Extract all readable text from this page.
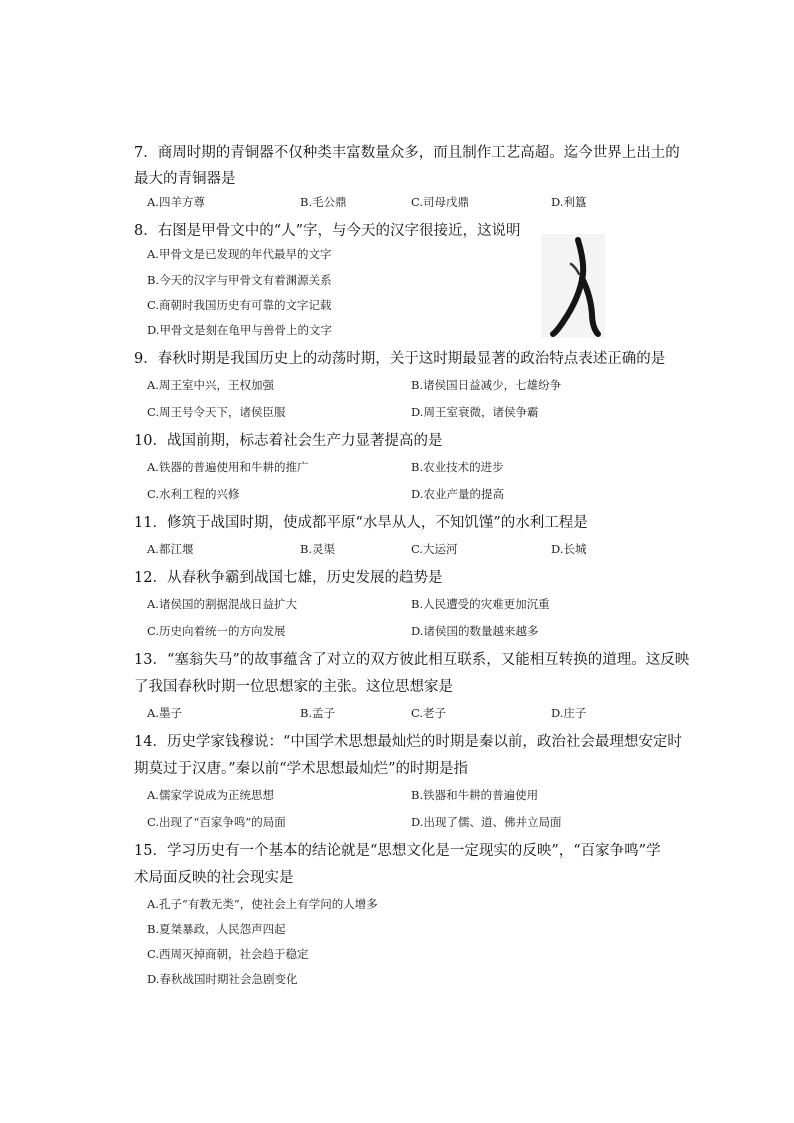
7．商周时期的青铜器不仅种类丰富数量众多，而且制作工艺高超。迄今世界上出土的
最大的青铜器是
A.四羊方尊	B.毛公鼎	C.司母戊鼎	D.利簋
8．右图是甲骨文中的“人”字，与今天的汉字很接近，这说明
A.甲骨文是已发现的年代最早的文字
B.今天的汉字与甲骨文有着渊源关系
C.商朝时我国历史有可靠的文字记载
D.甲骨文是刻在龟甲与兽骨上的文字
9．春秋时期是我国历史上的动荡时期，关于这时期最显著的政治特点表述正确的是
A.周王室中兴，王权加强	B.诸侯国日益减少，七雄纷争
C.周王号令天下，诸侯臣服	D.周王室衰微，诸侯争霸
10．战国前期，标志着社会生产力显著提高的是
A.铁器的普遍使用和牛耕的推广	B.农业技术的进步
C.水利工程的兴修	D.农业产量的提高
11．修筑于战国时期，使成都平原“水旱从人，不知饥馑”的水利工程是
A.都江堰	B.灵渠	C.大运河	D.长城
12．从春秋争霸到战国七雄，历史发展的趋势是
A.诸侯国的割据混战日益扩大	B.人民遭受的灾难更加沉重
C.历史向着统一的方向发展	D.诸侯国的数量越来越多
13．“塞翁失马”的故事蕴含了对立的双方彼此相互联系，又能相互转换的道理。这反映
了我国春秋时期一位思想家的主张。这位思想家是
A.墨子	B.孟子	C.老子	D.庄子
14．历史学家钱穆说：“中国学术思想最灿烂的时期是秦以前，政治社会最理想安定时
期莫过于汉唐。”秦以前“学术思想最灿烂”的时期是指
A.儒家学说成为正统思想	B.铁器和牛耕的普遍使用
C.出现了“百家争鸣”的局面	D.出现了儒、道、佛并立局面
15．学习历史有一个基本的结论就是“思想文化是一定现实的反映”，“百家争鸣”学
术局面反映的社会现实是
A.孔子“有教无类”，使社会上有学问的人增多
B.夏桀暴政，人民怨声四起
C.西周灭掉商朝，社会趋于稳定
D.春秋战国时期社会急剧变化
